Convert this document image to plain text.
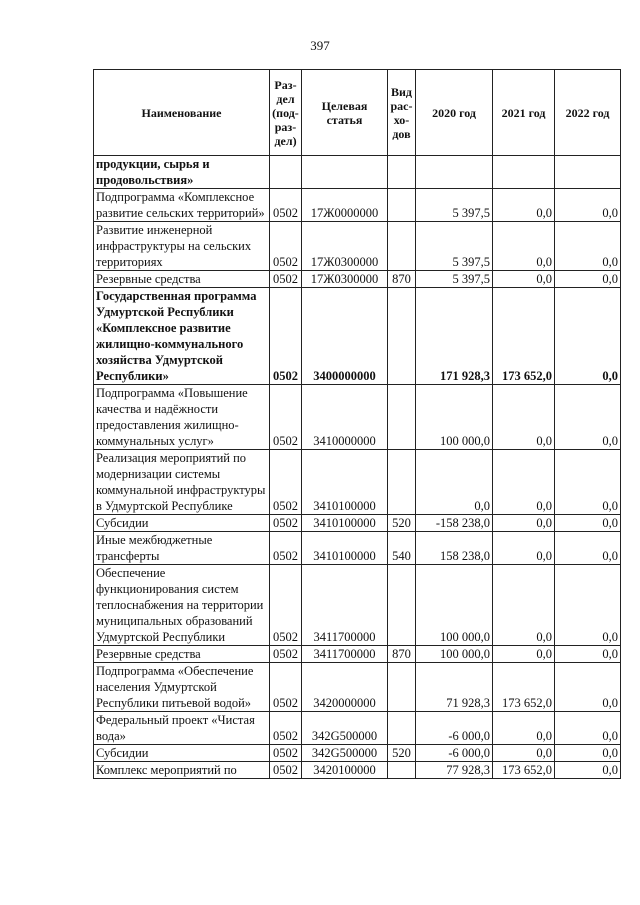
397
Наименование	Раз-дел (под-раз-дел)	Целевая статья	Вид рас-хо-дов	2020 год	2021 год	2022 год
продукции, сырья и продовольствия»						
Подпрограмма «Комплексное развитие сельских территорий»	0502	17Ж0000000		5 397,5	0,0	0,0
Развитие инженерной инфраструктуры на сельских территориях	0502	17Ж0300000		5 397,5	0,0	0,0
Резервные средства	0502	17Ж0300000	870	5 397,5	0,0	0,0
Государственная программа Удмуртской Республики «Комплексное развитие жилищно-коммунального хозяйства Удмуртской Республики»	0502	3400000000		171 928,3	173 652,0	0,0
Подпрограмма «Повышение качества и надёжности предоставления жилищно-коммунальных услуг»	0502	3410000000		100 000,0	0,0	0,0
Реализация мероприятий по модернизации системы коммунальной инфраструктуры в Удмуртской Республике	0502	3410100000		0,0	0,0	0,0
Субсидии	0502	3410100000	520	-158 238,0	0,0	0,0
Иные межбюджетные трансферты	0502	3410100000	540	158 238,0	0,0	0,0
Обеспечение функционирования систем теплоснабжения на территории муниципальных образований Удмуртской Республики	0502	3411700000		100 000,0	0,0	0,0
Резервные средства	0502	3411700000	870	100 000,0	0,0	0,0
Подпрограмма «Обеспечение населения Удмуртской Республики питьевой водой»	0502	3420000000		71 928,3	173 652,0	0,0
Федеральный проект «Чистая вода»	0502	342G500000		-6 000,0	0,0	0,0
Субсидии	0502	342G500000	520	-6 000,0	0,0	0,0
Комплекс мероприятий по	0502	3420100000		77 928,3	173 652,0	0,0
